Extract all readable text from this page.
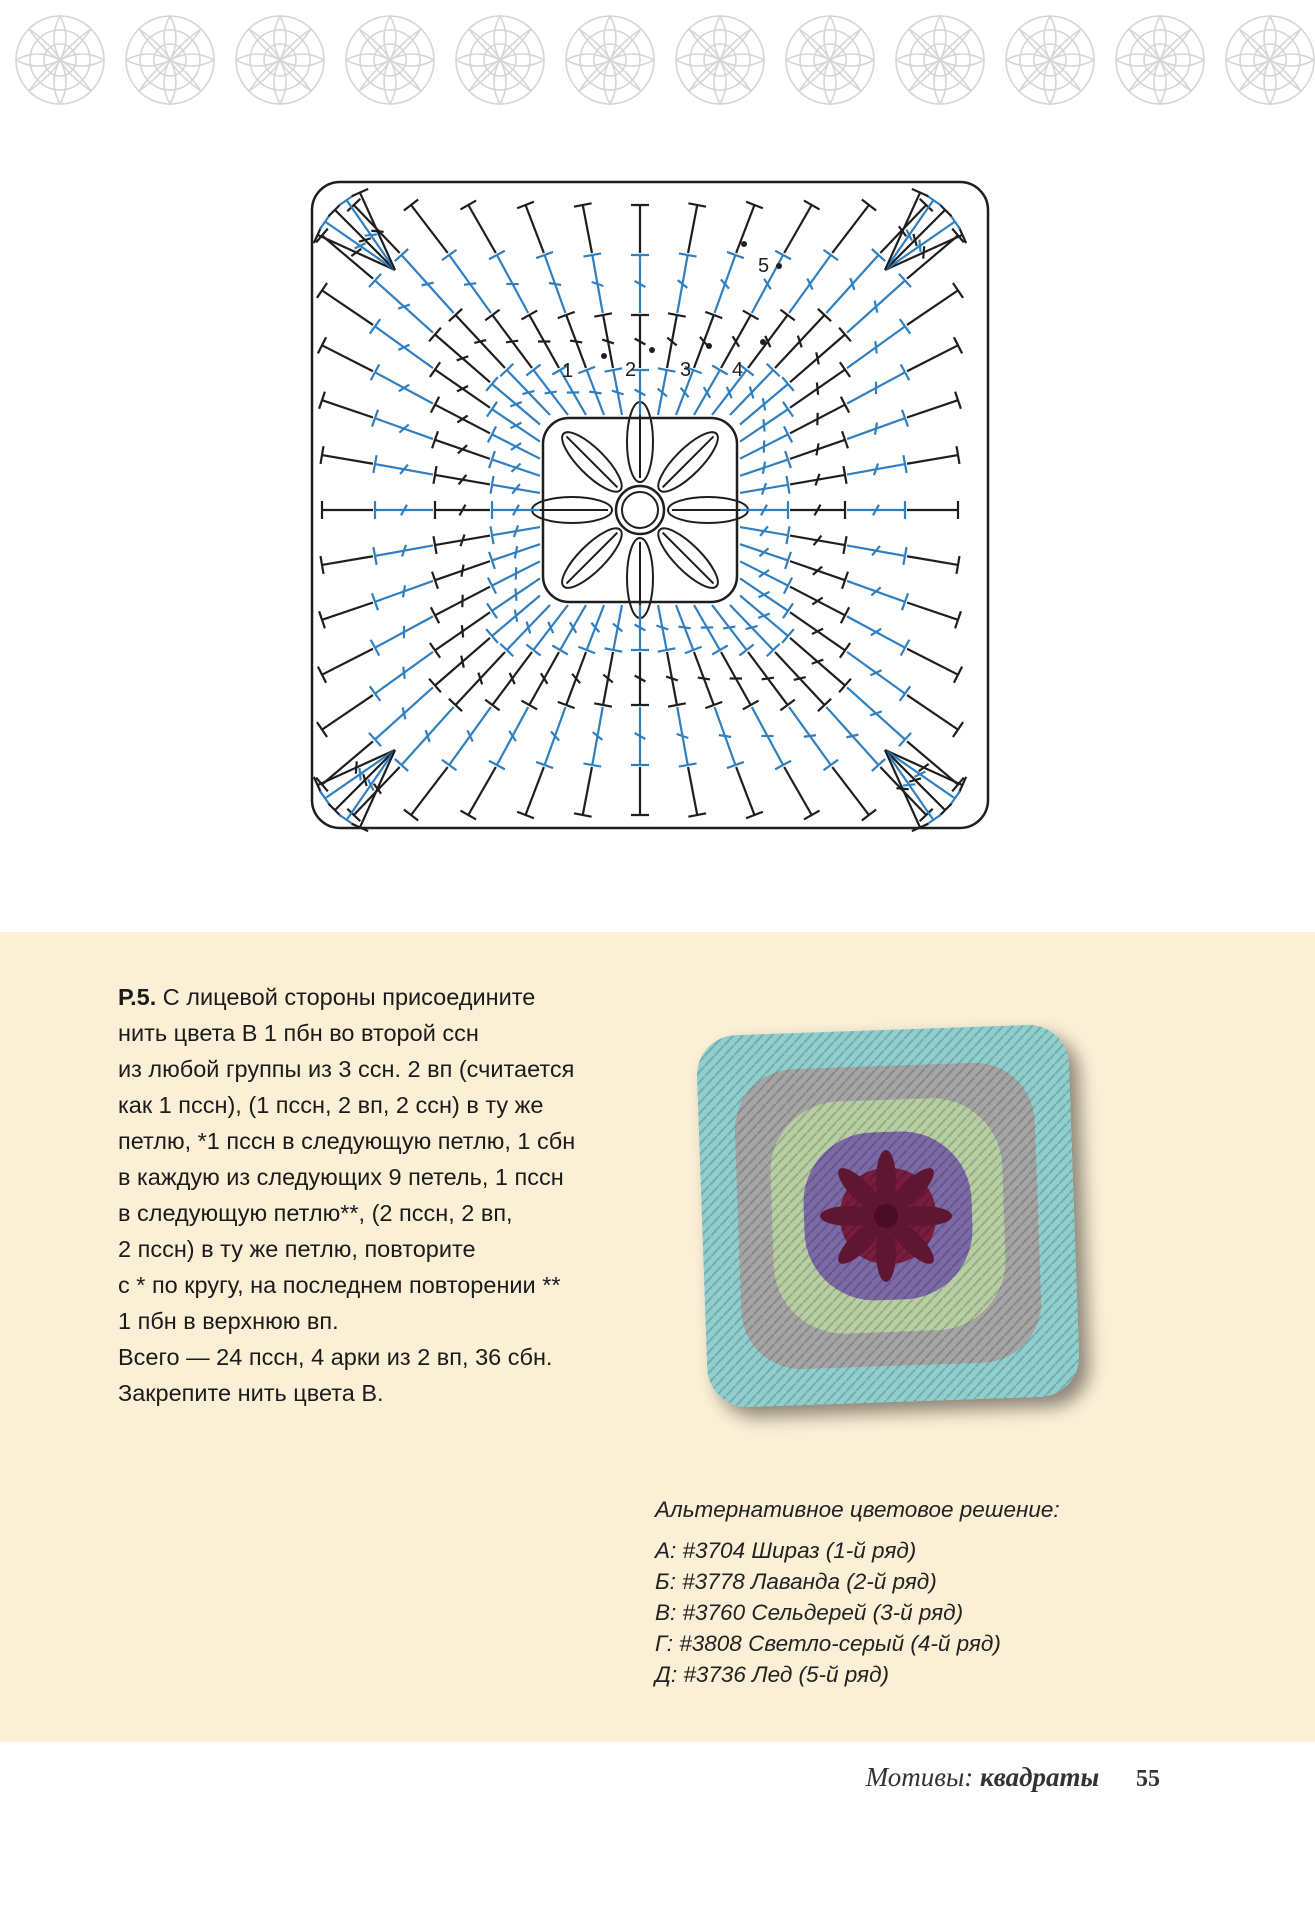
1	2 3 4
5
Р.5. С лицевой стороны присоедините
нить цвета В 1 пбн во второй ссн
из любой группы из 3 ссн. 2 вп (считается
как 1 пссн), (1 пссн, 2 вп, 2 ссн) в ту же
петлю, *1 пссн в следующую петлю, 1 сбн
в каждую из следующих 9 петель, 1 пссн
в следующую петлю**, (2 пссн, 2 вп,
2 пссн) в ту же петлю, повторите
с * по кругу, на последнем повторении **
1 пбн в верхнюю вп.
Всего — 24 пссн, 4 арки из 2 вп, 36 сбн.
Закрепите нить цвета В.
Альтернативное цветовое решение:
А: #3704 Шираз (1-й ряд)
Б: #3778 Лаванда (2-й ряд)
В: #3760 Сельдерей (3-й ряд)
Г: #3808 Светло-серый (4-й ряд)
Д: #3736 Лед (5-й ряд)
Мотивы: квадраты 55
